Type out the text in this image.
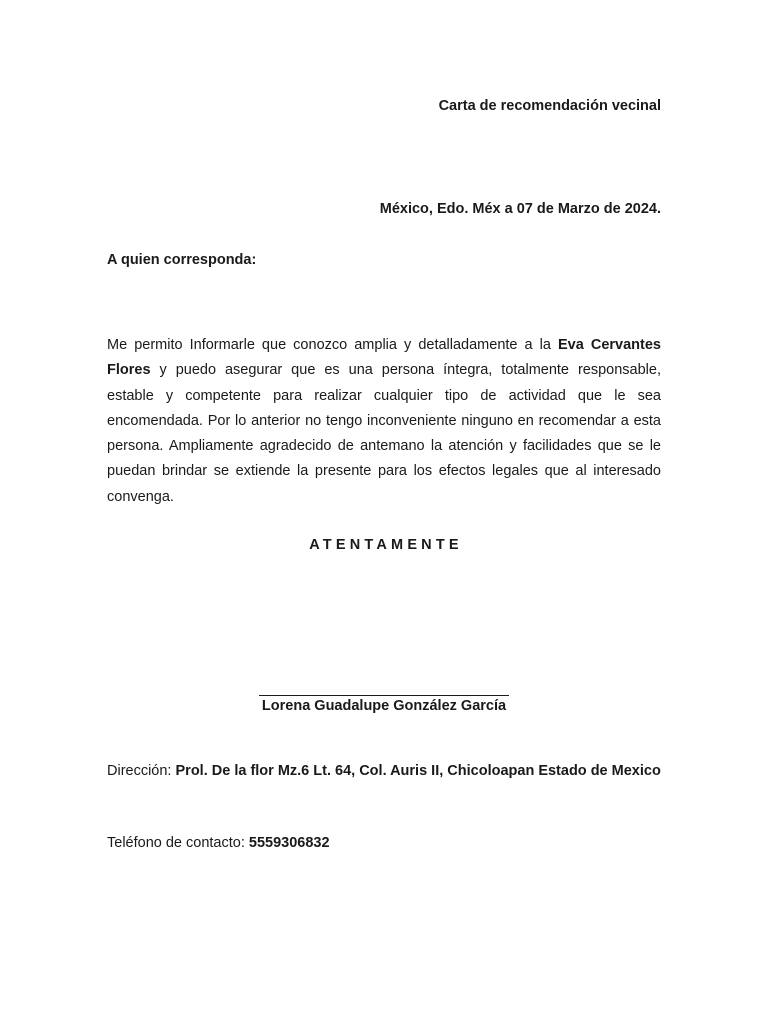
Carta de recomendación vecinal
México, Edo. Méx a 07 de Marzo de 2024.
A quien corresponda:
Me permito Informarle que conozco amplia y detalladamente a la Eva Cervantes Flores y puedo asegurar que es una persona íntegra, totalmente responsable, estable y competente para realizar cualquier tipo de actividad que le sea encomendada. Por lo anterior no tengo inconveniente ninguno en recomendar a esta persona. Ampliamente agradecido de antemano la atención y facilidades que se le puedan brindar se extiende la presente para los efectos legales que al interesado convenga.
ATENTAMENTE
Lorena Guadalupe González García
Dirección: Prol. De la flor Mz.6 Lt. 64, Col. Auris II, Chicoloapan Estado de Mexico
Teléfono de contacto: 5559306832
